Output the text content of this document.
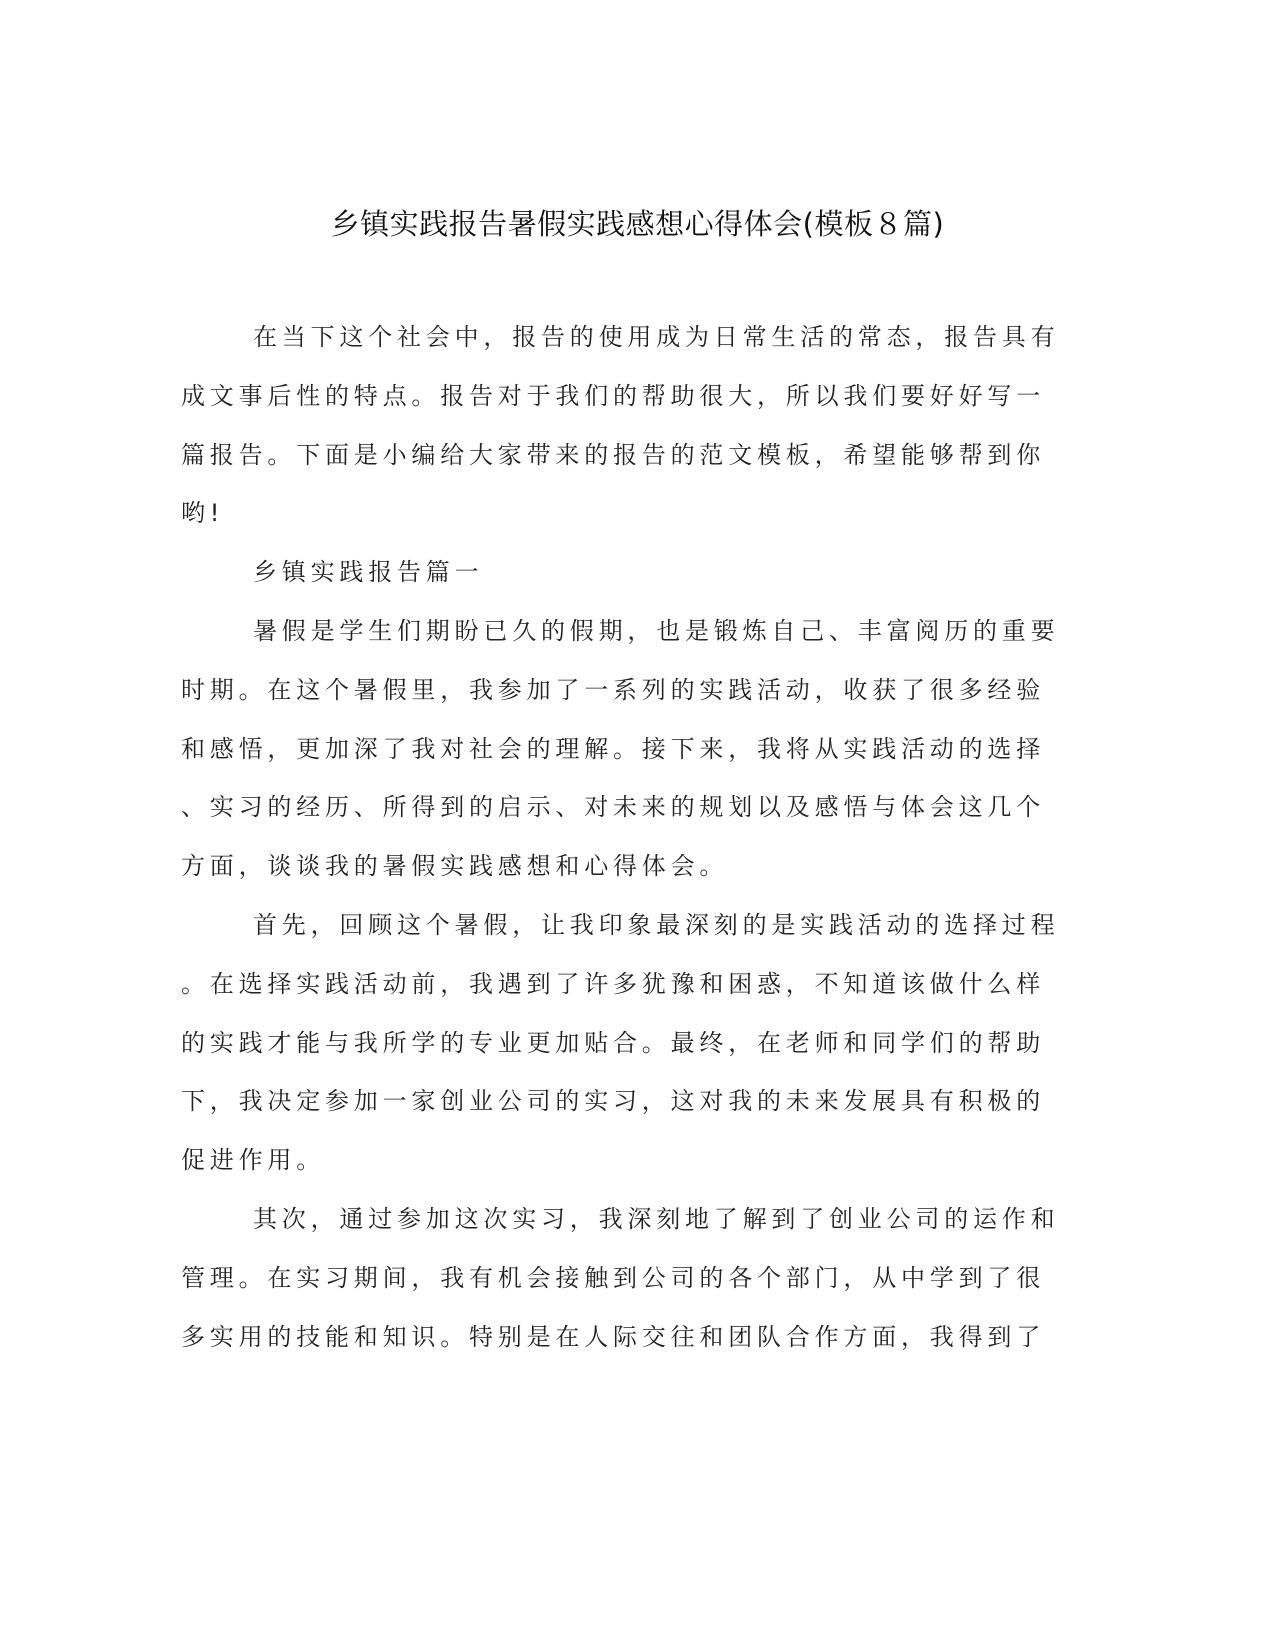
乡镇实践报告暑假实践感想心得体会(模板８篇)
在当下这个社会中，报告的使用成为日常生活的常态，报告具有
成文事后性的特点。报告对于我们的帮助很大，所以我们要好好写一
篇报告。下面是小编给大家带来的报告的范文模板，希望能够帮到你
哟!
乡镇实践报告篇一
暑假是学生们期盼已久的假期，也是锻炼自己、丰富阅历的重要
时期。在这个暑假里，我参加了一系列的实践活动，收获了很多经验
和感悟，更加深了我对社会的理解。接下来，我将从实践活动的选择
、实习的经历、所得到的启示、对未来的规划以及感悟与体会这几个
方面，谈谈我的暑假实践感想和心得体会。
首先，回顾这个暑假，让我印象最深刻的是实践活动的选择过程
。在选择实践活动前，我遇到了许多犹豫和困惑，不知道该做什么样
的实践才能与我所学的专业更加贴合。最终，在老师和同学们的帮助
下，我决定参加一家创业公司的实习，这对我的未来发展具有积极的
促进作用。
其次，通过参加这次实习，我深刻地了解到了创业公司的运作和
管理。在实习期间，我有机会接触到公司的各个部门，从中学到了很
多实用的技能和知识。特别是在人际交往和团队合作方面，我得到了
